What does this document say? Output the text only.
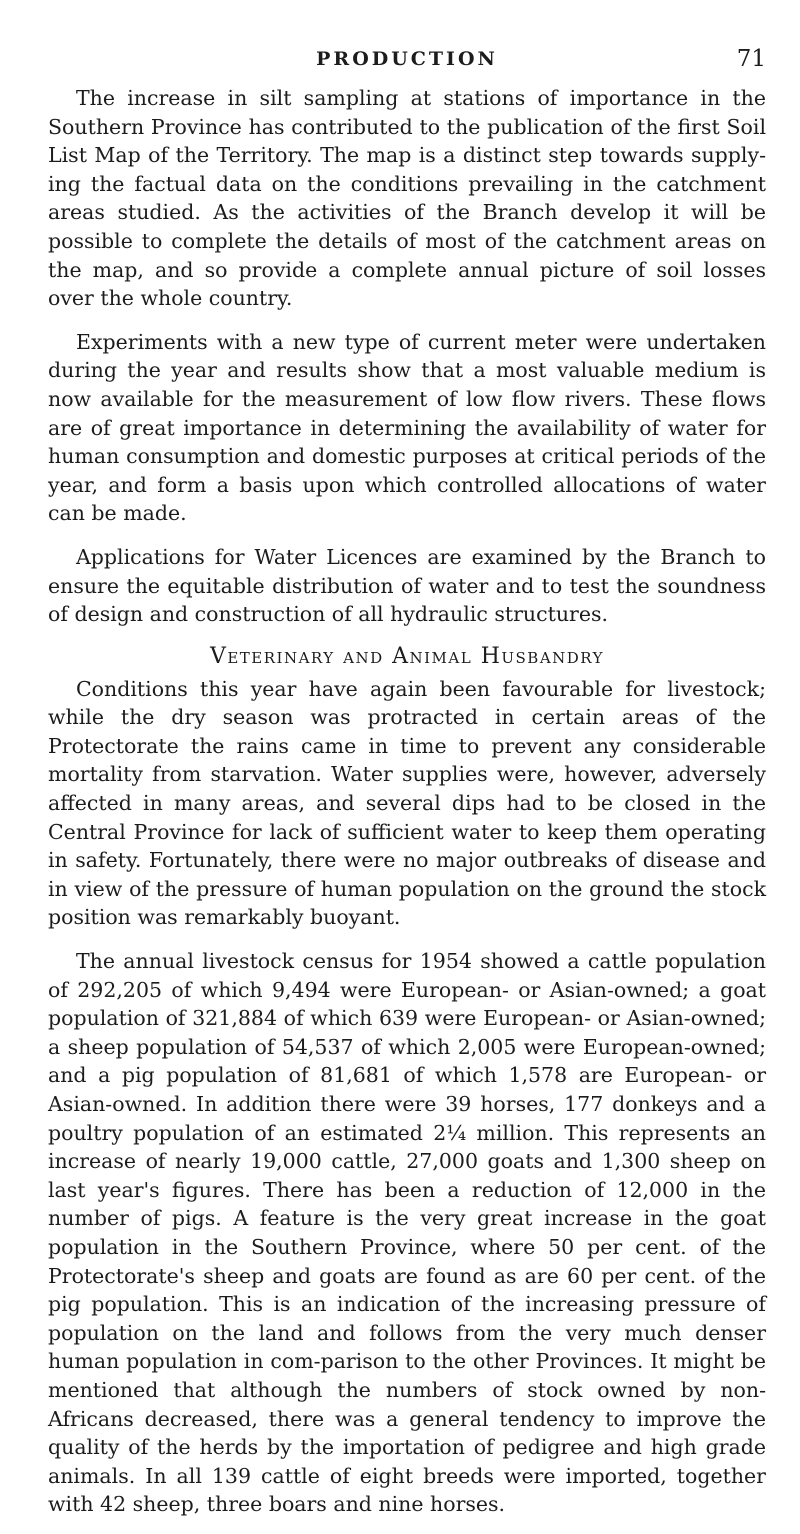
PRODUCTION	71

The increase in silt sampling at stations of importance in the Southern Province has contributed to the publication of the first Soil List Map of the Territory. The map is a distinct step towards supply-ing the factual data on the conditions prevailing in the catchment areas studied. As the activities of the Branch develop it will be possible to complete the details of most of the catchment areas on the map, and so provide a complete annual picture of soil losses over the whole country.

Experiments with a new type of current meter were undertaken during the year and results show that a most valuable medium is now available for the measurement of low flow rivers. These flows are of great importance in determining the availability of water for human consumption and domestic purposes at critical periods of the year, and form a basis upon which controlled allocations of water can be made.

Applications for Water Licences are examined by the Branch to ensure the equitable distribution of water and to test the soundness of design and construction of all hydraulic structures.

Veterinary and Animal Husbandry

Conditions this year have again been favourable for livestock; while the dry season was protracted in certain areas of the Protectorate the rains came in time to prevent any considerable mortality from starvation. Water supplies were, however, adversely affected in many areas, and several dips had to be closed in the Central Province for lack of sufficient water to keep them operating in safety. Fortunately, there were no major outbreaks of disease and in view of the pressure of human population on the ground the stock position was remarkably buoyant.

The annual livestock census for 1954 showed a cattle population of 292,205 of which 9,494 were European- or Asian-owned; a goat population of 321,884 of which 639 were European- or Asian-owned; a sheep population of 54,537 of which 2,005 were European-owned; and a pig population of 81,681 of which 1,578 are European- or Asian-owned. In addition there were 39 horses, 177 donkeys and a poultry population of an estimated 2¼ million. This represents an increase of nearly 19,000 cattle, 27,000 goats and 1,300 sheep on last year's figures. There has been a reduction of 12,000 in the number of pigs. A feature is the very great increase in the goat population in the Southern Province, where 50 per cent. of the Protectorate's sheep and goats are found as are 60 per cent. of the pig population. This is an indication of the increasing pressure of population on the land and follows from the very much denser human population in com-parison to the other Provinces. It might be mentioned that although the numbers of stock owned by non-Africans decreased, there was a general tendency to improve the quality of the herds by the importation of pedigree and high grade animals. In all 139 cattle of eight breeds were imported, together with 42 sheep, three boars and nine horses.
